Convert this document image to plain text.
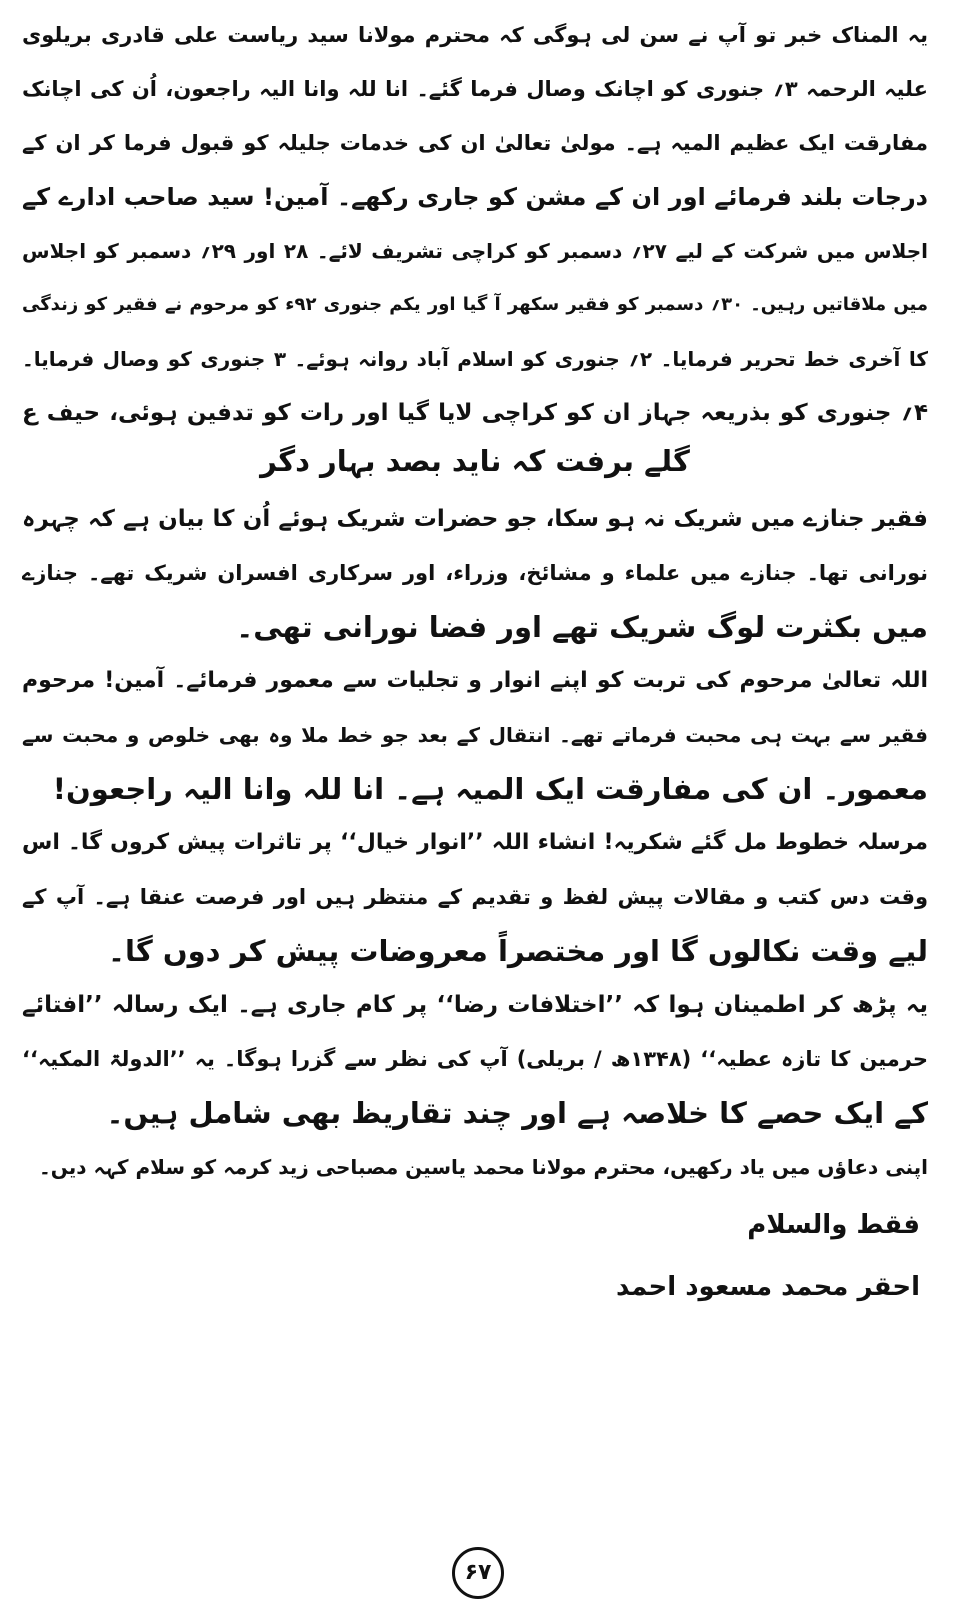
یہ المناک خبر تو آپ نے سن لی ہوگی کہ محترم مولانا سید ریاست علی قادری بریلوی
علیہ الرحمہ ۳؍ جنوری کو اچانک وصال فرما گئے۔ انا للہ وانا الیہ راجعون، اُن کی اچانک
مفارقت ایک عظیم المیہ ہے۔ مولیٰ تعالیٰ ان کی خدمات جلیلہ کو قبول فرما کر ان کے
درجات بلند فرمائے اور ان کے مشن کو جاری رکھے۔ آمین! سید صاحب ادارے کے
اجلاس میں شرکت کے لیے ۲۷؍ دسمبر کو کراچی تشریف لائے۔ ۲۸ اور ۲۹؍ دسمبر کو اجلاس
میں ملاقاتیں رہیں۔ ۳۰؍ دسمبر کو فقیر سکھر آ گیا اور یکم جنوری ۹۲ء کو مرحوم نے فقیر کو زندگی
کا آخری خط تحریر فرمایا۔ ۲؍ جنوری کو اسلام آباد روانہ ہوئے۔ ۳ جنوری کو وصال فرمایا۔
۴؍ جنوری کو بذریعہ جہاز ان کو کراچی لایا گیا اور رات کو تدفین ہوئی، حیف ع
گلے برفت کہ ناید بصد بہار دگر
فقیر جنازے میں شریک نہ ہو سکا، جو حضرات شریک ہوئے اُن کا بیان ہے کہ چہرہ
نورانی تھا۔ جنازے میں علماء و مشائخ، وزراء، اور سرکاری افسران شریک تھے۔ جنازے
میں بکثرت لوگ شریک تھے اور فضا نورانی تھی۔
اللہ تعالیٰ مرحوم کی تربت کو اپنے انوار و تجلیات سے معمور فرمائے۔ آمین! مرحوم
فقیر سے بہت ہی محبت فرماتے تھے۔ انتقال کے بعد جو خط ملا وہ بھی خلوص و محبت سے
معمور۔ ان کی مفارقت ایک المیہ ہے۔ انا للہ وانا الیہ راجعون!
مرسلہ خطوط مل گئے شکریہ! انشاء اللہ ’’انوار خیال‘‘ پر تاثرات پیش کروں گا۔ اس
وقت دس کتب و مقالات پیش لفظ و تقدیم کے منتظر ہیں اور فرصت عنقا ہے۔ آپ کے
لیے وقت نکالوں گا اور مختصراً معروضات پیش کر دوں گا۔
یہ پڑھ کر اطمینان ہوا کہ ’’اختلافات رضا‘‘ پر کام جاری ہے۔ ایک رسالہ ’’افتائے
حرمین کا تازہ عطیہ‘‘ (۱۳۴۸ھ / بریلی) آپ کی نظر سے گزرا ہوگا۔ یہ ’’الدولۃ المکیہ‘‘
کے ایک حصے کا خلاصہ ہے اور چند تقاریظ بھی شامل ہیں۔
اپنی دعاؤں میں یاد رکھیں، محترم مولانا محمد یاسین مصباحی زید کرمہ کو سلام کہہ دیں۔
فقط والسلام
احقر محمد مسعود احمد
۶۷
